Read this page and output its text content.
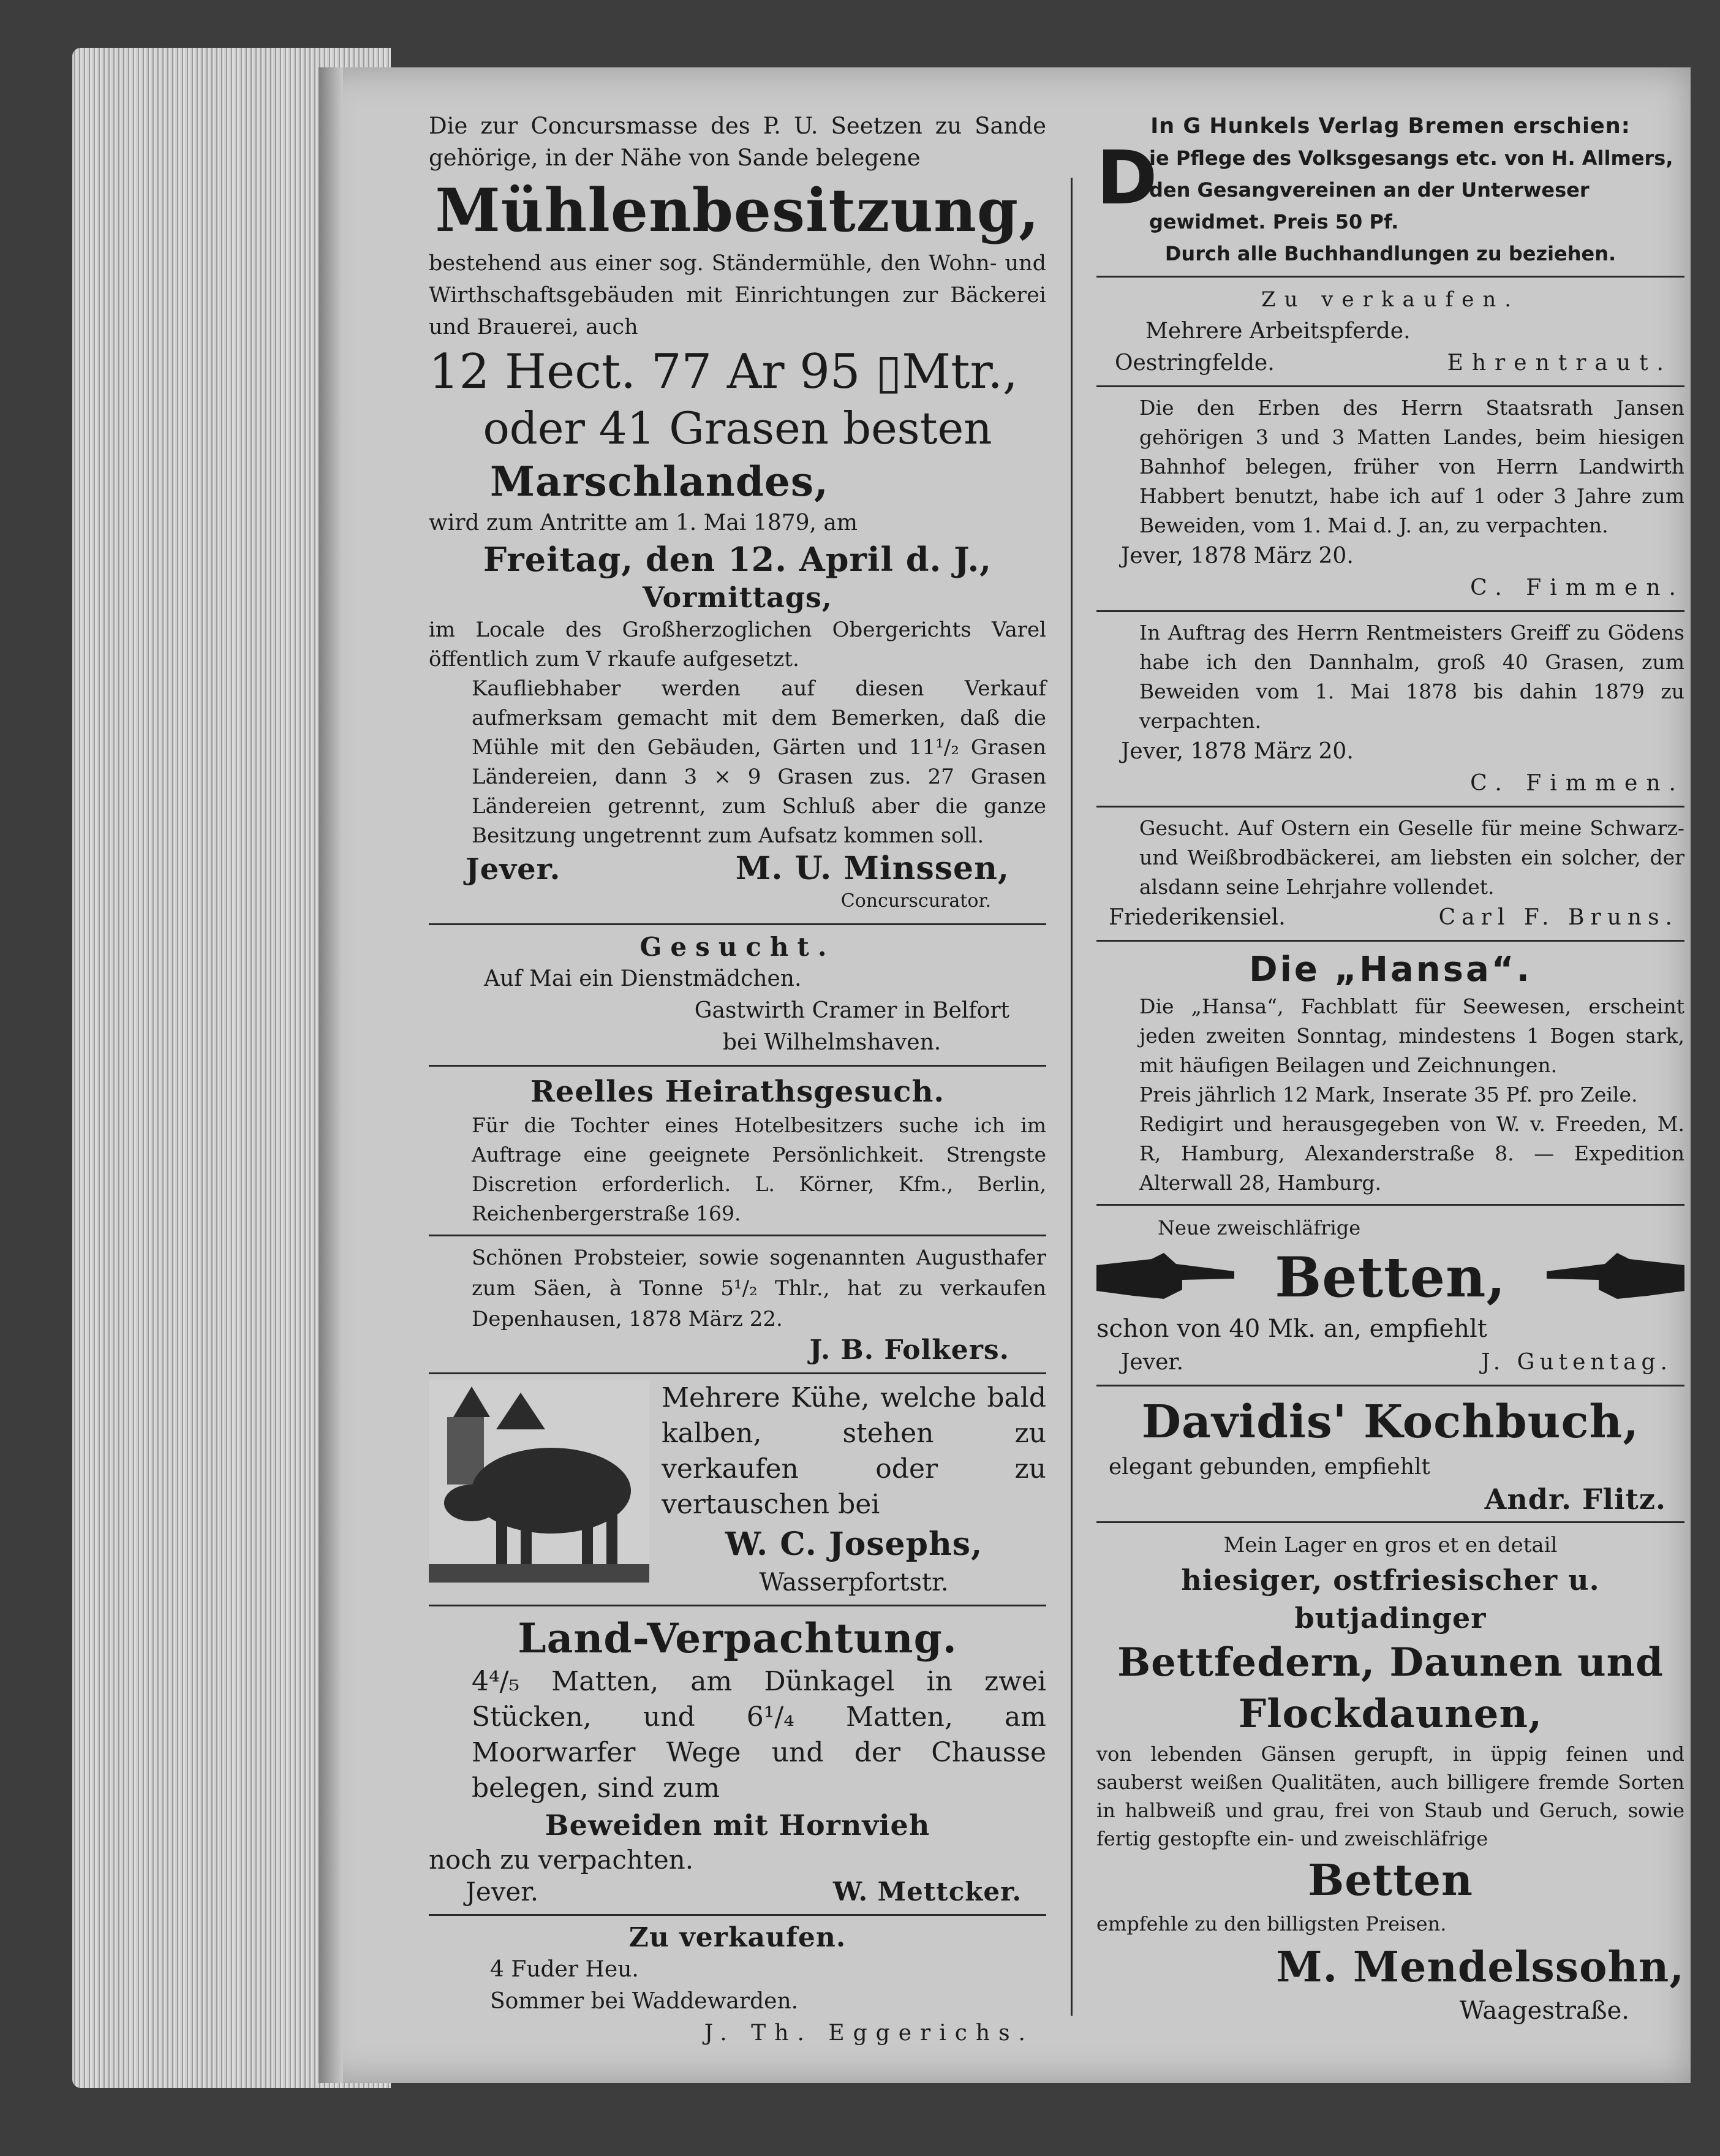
Die zur Concursmasse des P. U. Seetzen zu Sande gehörige, in der Nähe von Sande belegene

Mühlenbesitzung,

bestehend aus einer sog. Ständermühle, den Wohn- und Wirthschaftsgebäuden mit Einrichtungen zur Bäckerei und Brauerei, auch

12 Hect. 77 Ar 95 ▯Mtr.,

oder 41 Grasen besten

Marschlandes,

wird zum Antritte am 1. Mai 1879, am

Freitag, den 12. April d. J.,

Vormittags,

im Locale des Großherzoglichen Obergerichts Varel öffentlich zum V rkaufe aufgesetzt.

Kaufliebhaber werden auf diesen Verkauf aufmerksam gemacht mit dem Bemerken, daß die Mühle mit den Gebäuden, Gärten und 11¹/₂ Grasen Ländereien, dann 3 ⨯ 9 Grasen zus. 27 Grasen Ländereien getrennt, zum Schluß aber die ganze Besitzung ungetrennt zum Aufsatz kommen soll.

Jever.	M. U. Minssen,

Concurscurator.

Gesucht.

Auf Mai ein Dienstmädchen.

Gastwirth Cramer in Belfort

bei Wilhelmshaven.

Reelles Heirathsgesuch.

Für die Tochter eines Hotelbesitzers suche ich im Auftrage eine geeignete Persönlichkeit. Strengste Discretion erforderlich. L. Körner, Kfm., Berlin, Reichenbergerstraße 169.

Schönen Probsteier, sowie sogenannten Augusthafer zum Säen, à Tonne 5¹/₂ Thlr., hat zu verkaufen Depenhausen, 1878 März 22.

J. B. Folkers.

Mehrere Kühe, welche bald kalben, stehen zu verkaufen oder zu vertauschen bei

W. C. Josephs,

Wasserpfortstr.

Land-Verpachtung.

4⁴/₅ Matten, am Dünkagel in zwei Stücken, und 6¹/₄ Matten, am Moorwarfer Wege und der Chausse belegen, sind zum

Beweiden mit Hornvieh

noch zu verpachten.

Jever.	W. Mettcker.

Zu verkaufen.

4 Fuder Heu.

Sommer bei Waddewarden.

J. Th. Eggerichs.

In G Hunkels Verlag Bremen erschien:

D

ie Pflege des Volksgesangs etc. von H. Allmers,

den Gesangvereinen an der Unterweser

gewidmet. Preis 50 Pf.

Durch alle Buchhandlungen zu beziehen.

Zu verkaufen.

Mehrere Arbeitspferde.

Oestringfelde.	Ehrentraut.

Die den Erben des Herrn Staatsrath Jansen gehörigen 3 und 3 Matten Landes, beim hiesigen Bahnhof belegen, früher von Herrn Landwirth Habbert benutzt, habe ich auf 1 oder 3 Jahre zum Beweiden, vom 1. Mai d. J. an, zu verpachten.

Jever, 1878 März 20.

C. Fimmen.

In Auftrag des Herrn Rentmeisters Greiff zu Gödens habe ich den Dannhalm, groß 40 Grasen, zum Beweiden vom 1. Mai 1878 bis dahin 1879 zu verpachten.

Jever, 1878 März 20.

C. Fimmen.

Gesucht. Auf Ostern ein Geselle für meine Schwarz- und Weißbrodbäckerei, am liebsten ein solcher, der alsdann seine Lehrjahre vollendet.

Friederikensiel.	Carl F. Bruns.

Die „Hansa“.

Die „Hansa“, Fachblatt für Seewesen, erscheint jeden zweiten Sonntag, mindestens 1 Bogen stark, mit häufigen Beilagen und Zeichnungen.

Preis jährlich 12 Mark, Inserate 35 Pf. pro Zeile.

Redigirt und herausgegeben von W. v. Freeden, M. R, Hamburg, Alexanderstraße 8. — Expedition Alterwall 28, Hamburg.

Neue zweischläfrige

Betten,

schon von 40 Mk. an, empfiehlt

Jever.	J. Gutentag.

Davidis' Kochbuch,

elegant gebunden, empfiehlt

Andr. Flitz.

Mein Lager en gros et en detail

hiesiger, ostfriesischer u. butjadinger

Bettfedern, Daunen und

Flockdaunen,

von lebenden Gänsen gerupft, in üppig feinen und sauberst weißen Qualitäten, auch billigere fremde Sorten in halbweiß und grau, frei von Staub und Geruch, sowie fertig gestopfte ein- und zweischläfrige

Betten

empfehle zu den billigsten Preisen.

M. Mendelssohn,

Waagestraße.
